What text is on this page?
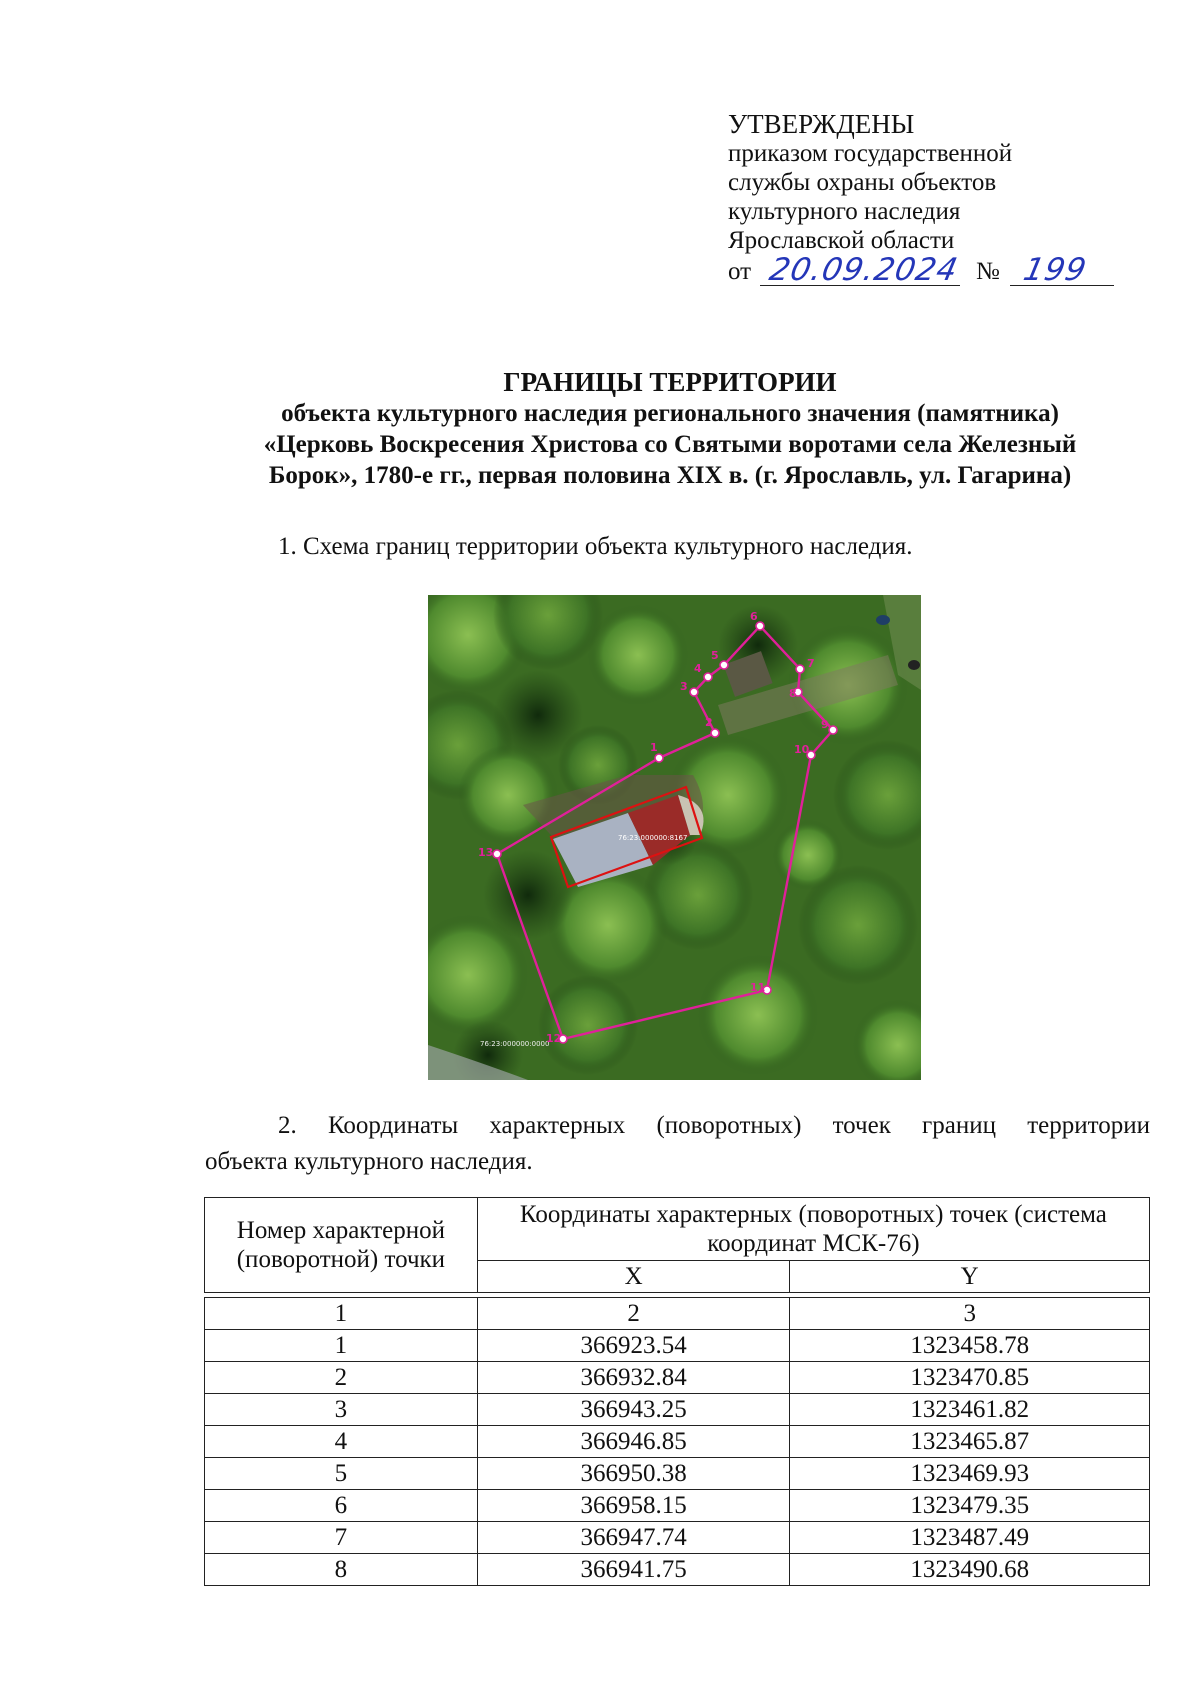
УТВЕРЖДЕНЫ
приказом государственной
службы охраны объектов
культурного наследия
Ярославской области
от 20.09.2024 № 199
ГРАНИЦЫ ТЕРРИТОРИИ
объекта культурного наследия регионального значения (памятника)
«Церковь Воскресения Христова со Святыми воротами села Железный
Борок», 1780-е гг., первая половина XIX в. (г. Ярославль, ул. Гагарина)
1. Схема границ территории объекта культурного наследия.
76:23:000000:8167
76:23:000000:0000
1
2
3
4
5
6
7
8
9
10
11
12
13
2. Координаты характерных (поворотных) точек границ территории
объекта культурного наследия.
Номер характерной (поворотной) точки	Координаты характерных (поворотных) точек (система координат МСК-76)	
	X	Y

1	2	3
1	366923.54	1323458.78
2	366932.84	1323470.85
3	366943.25	1323461.82
4	366946.85	1323465.87
5	366950.38	1323469.93
6	366958.15	1323479.35
7	366947.74	1323487.49
8	366941.75	1323490.68
